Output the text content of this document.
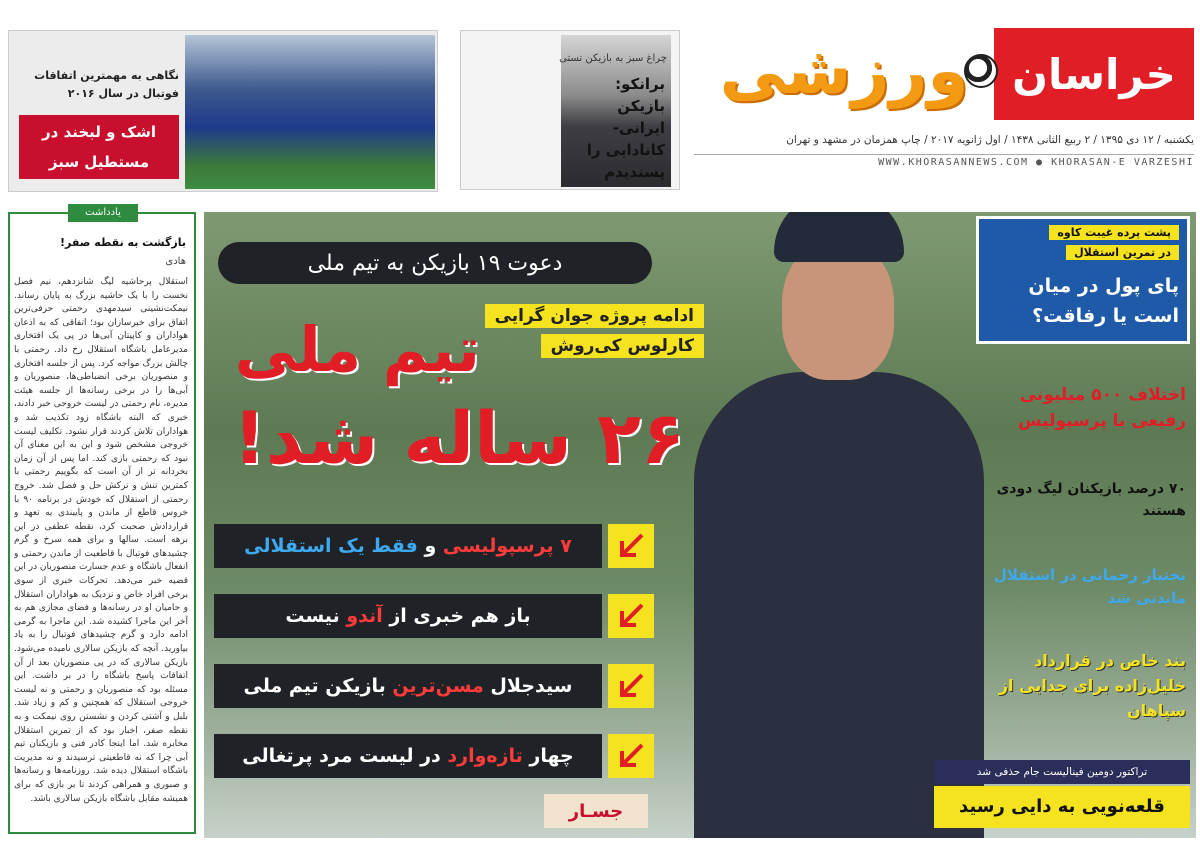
خراسان
ورزشی
یکشنبه / ۱۲ دی ۱۳۹۵ / ۲ ربیع الثانی ۱۴۳۸ / اول ژانویه ۲۰۱۷ / چاپ همزمان در مشهد و تهران
WWW.KHORASANNEWS.COM ● KHORASAN-E VARZESHI
چراغ سبز به بازیکن تستی
برانکو: بازیکن ایرانی-کانادایی را پسندیدم
نگاهی به مهمترین اتفاقات فوتبال در سال ۲۰۱۶
اشک و لبخند در مستطیل سبز
یادداشت
بازگشت به نقطه صفر!
هادی
استقلال پرحاشیه لیگ شانزدهم، نیم فصل نخست را با یک حاشیه بزرگ به پایان رساند. نیمکت‌نشینی سیدمهدی رحمتی حرفی‌ترین اتفاق برای خبرسازان بود؛ اتفاقی که به اذعان هواداران و کاپیتان آبی‌ها در پی یک افتخاری مدیرعامل باشگاه استقلال رخ داد. رحمتی با چالش بزرگ مواجه کرد. پس از جلسه افتخاری و منصوریان برخی انضباطی‌ها، منصوریان و آبی‌ها را در برخی رسانه‌ها از جلسه هیئت مدیره، نام رحمتی در لیست خروجی خبر دادند، خبری که البته باشگاه زود تکذیب شد و هواداران تلاش کردند قرار نشود. تکلیف لیست خروجی مشخص شود و این به این معنای آن نبود که رحمتی بازی کند. اما پس از آن زمان بخردانه تر از آن است که بگوییم رحمتی با کمترین تنش و ترکش حل و فصل شد. خروج رحمتی از استقلال که خودش در برنامه ۹۰ با خروس قاطع از ماندن و پایبندی به تعهد و قراردادش صحبت کرد، نقطه عطفی در این برهه است. سالها و برای همه سرخ و گرم چشیدهای فوتبال با قاطعیت از ماندن رحمتی و انفعال باشگاه و عدم جسارت منصوریان در این قضیه خبر می‌دهد. تحرکات خبری از سوی برخی افراد خاص و نزدیک به هواداران استقلال و حامیان او در رسانه‌ها و فضای مجازی هم به آخر این ماجرا کشیده شد. این ماجرا به گرمی ادامه دارد و گرم چشیدهای فوتبال را به یاد بیاورید. آنچه که بازیکن سالاری نامیده می‌شود. بازیکن سالاری که در پی منصوریان بعد از آن اتفاقات پاسخ باشگاه را در بر داشت. این مسئله بود که منصوریان و رحمتی و نه لیست خروجی استقلال که همچنین و کم و زیاد شد. بلبل و آشتی کردن و نشستن روی نیمکت و به نقطه صفر، اخبار بود که از تمرین استقلال مخابره شد. اما اینجا کادر فنی و بازیکنان تیم آبی چرا که نه قاطعیتی ترسیدند و نه مدیریت باشگاه استقلال دیده شد. روزنامه‌ها و رسانه‌ها و صبوری و همراهی کردند تا بر بازی که برای همیشه مقابل باشگاه بازیکن سالاری باشد.
دعوت ۱۹ بازیکن به تیم ملی
ادامه پروژه جوان گرایی
کارلوس کی‌روش
تیم ملی
۲۶ ساله شد!
۷ پرسپولیسی و فقط یک استقلالی
باز هم خبری از آندو نیست
سیدجلال مسن‌ترین بازیکن تیم ملی
چهار تازه‌وارد در لیست مرد پرتغالی
جسـار
پشت پرده غیبت کاوه
در تمرین استقلال
پای پول در میان است یا رفاقت؟
اختلاف ۵۰۰ میلیونی رفیعی با پرسپولیس
۷۰ درصد بازیکنان لیگ دودی هستند
بختیار رحمانی در استقلال ماندنی شد
بند خاص در قرارداد خلیل‌زاده برای جدایی از سپاهان
تراکتور دومین فینالیست جام حذفی شد
قلعه‌نویی به دایی رسید
